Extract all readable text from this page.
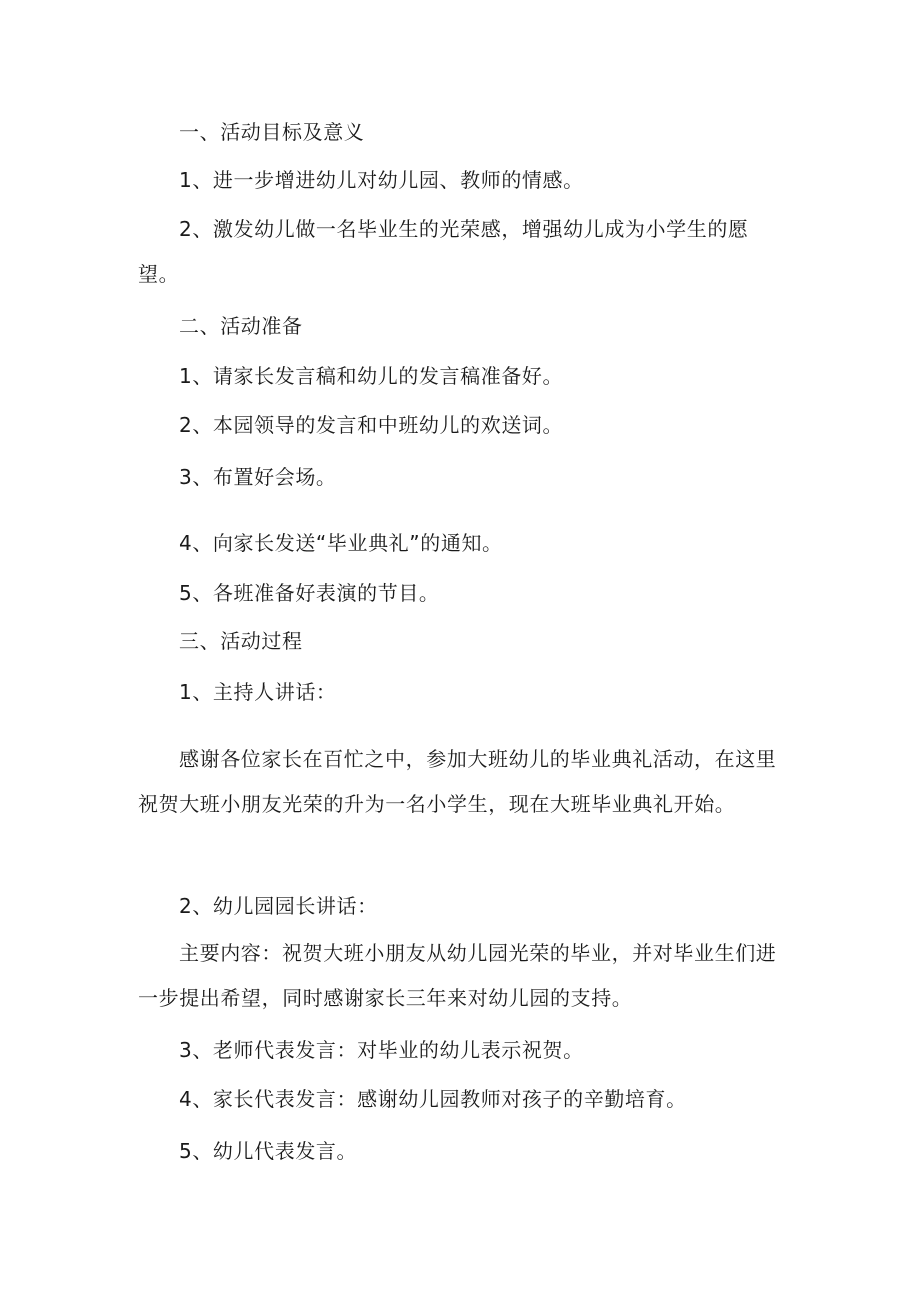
一、活动目标及意义

1、进一步增进幼儿对幼儿园、教师的情感。

2、激发幼儿做一名毕业生的光荣感，增强幼儿成为小学生的愿望。

二、活动准备

1、请家长发言稿和幼儿的发言稿准备好。

2、本园领导的发言和中班幼儿的欢送词。

3、布置好会场。

4、向家长发送“毕业典礼”的通知。

5、各班准备好表演的节目。

三、活动过程

1、主持人讲话：

感谢各位家长在百忙之中，参加大班幼儿的毕业典礼活动，在这里祝贺大班小朋友光荣的升为一名小学生，现在大班毕业典礼开始。

2、幼儿园园长讲话：

主要内容：祝贺大班小朋友从幼儿园光荣的毕业，并对毕业生们进一步提出希望，同时感谢家长三年来对幼儿园的支持。

3、老师代表发言：对毕业的幼儿表示祝贺。

4、家长代表发言：感谢幼儿园教师对孩子的辛勤培育。

5、幼儿代表发言。
